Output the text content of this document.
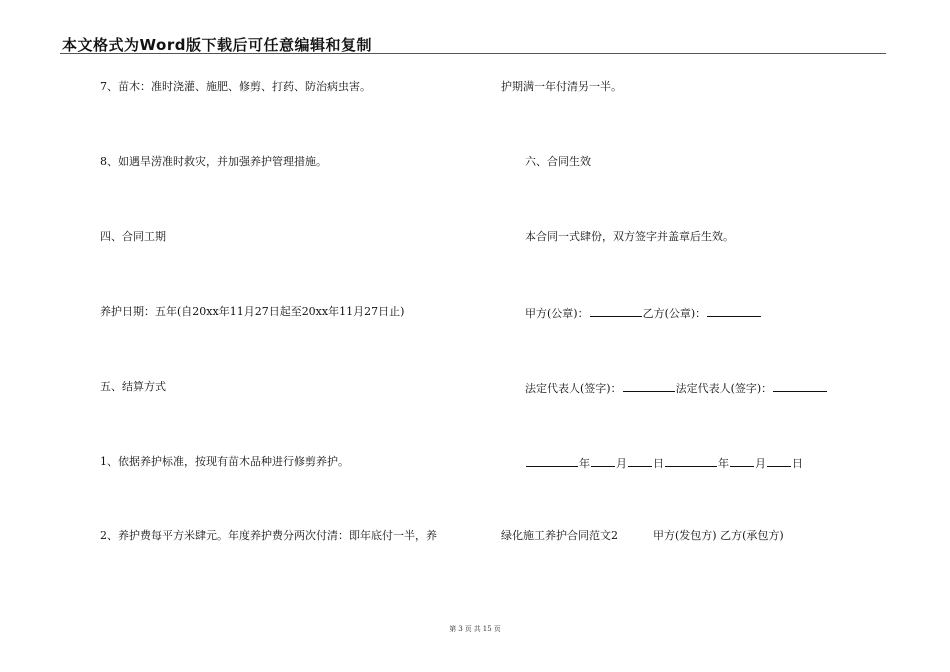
本文格式为Word版下载后可任意编辑和复制
7、苗木：准时浇灌、施肥、修剪、打药、防治病虫害。
8、如遇旱涝准时救灾，并加强养护管理措施。
四、合同工期
养护日期：五年(自20xx年11月27日起至20xx年11月27日止)
五、结算方式
1、依据养护标准，按现有苗木品种进行修剪养护。
2、养护费每平方米肆元。年度养护费分两次付清：即年底付一半，养
护期满一年付清另一半。
六、合同生效
本合同一式肆份，双方签字并盖章后生效。
甲方(公章)：	乙方(公章)：
法定代表人(签字)：	法定代表人(签字)：
年 月 日	年 月 日
绿化施工养护合同范文2	甲方(发包方) 乙方(承包方)
第 3 页 共 15 页
